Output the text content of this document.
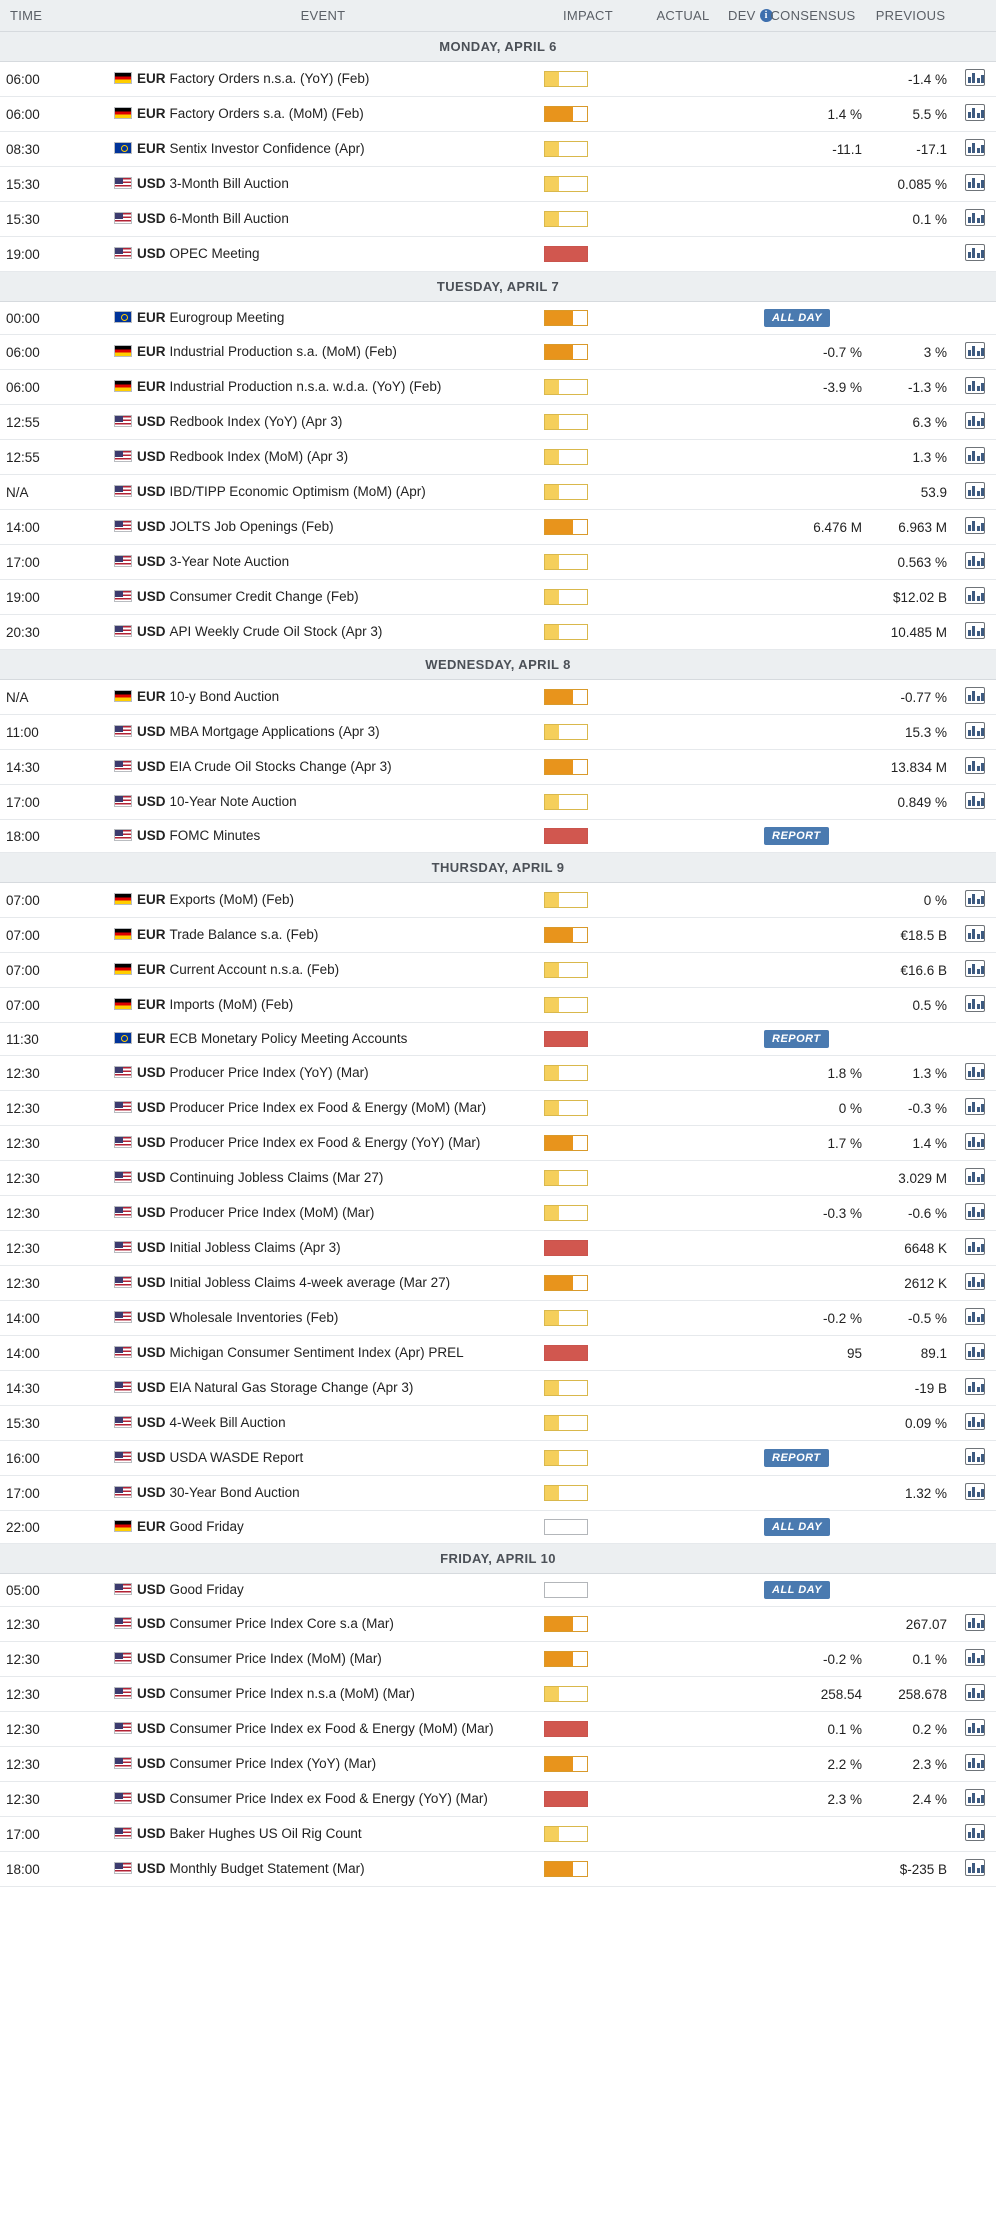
TIME	EVENT	IMPACT	ACTUAL	DEV i	CONSENSUS	PREVIOUS	
MONDAY, APRIL 6							
06:00	EUR Factory Orders n.s.a. (YoY) (Feb)					-1.4 %	

06:00	EUR Factory Orders s.a. (MoM) (Feb)				1.4 %	5.5 %	

08:30	EUR Sentix Investor Confidence (Apr)				-11.1	-17.1	

15:30	USD 3-Month Bill Auction					0.085 %	

15:30	USD 6-Month Bill Auction					0.1 %	

19:00	USD OPEC Meeting	

TUESDAY, APRIL 7							
00:00	EUR Eurogroup Meeting				ALL DAY		
06:00	EUR Industrial Production s.a. (MoM) (Feb)				-0.7 %	3 %	

06:00	EUR Industrial Production n.s.a. w.d.a. (YoY) (Feb)				-3.9 %	-1.3 %	

12:55	USD Redbook Index (YoY) (Apr 3)					6.3 %	

12:55	USD Redbook Index (MoM) (Apr 3)					1.3 %	

N/A	USD IBD/TIPP Economic Optimism (MoM) (Apr)					53.9	

14:00	USD JOLTS Job Openings (Feb)				6.476 M	6.963 M	

17:00	USD 3-Year Note Auction					0.563 %	

19:00	USD Consumer Credit Change (Feb)					$12.02 B	

20:30	USD API Weekly Crude Oil Stock (Apr 3)					10.485 M	

WEDNESDAY, APRIL 8							
N/A	EUR 10-y Bond Auction					-0.77 %	

11:00	USD MBA Mortgage Applications (Apr 3)					15.3 %	

14:30	USD EIA Crude Oil Stocks Change (Apr 3)					13.834 M	

17:00	USD 10-Year Note Auction					0.849 %	

18:00	USD FOMC Minutes				REPORT		
THURSDAY, APRIL 9							
07:00	EUR Exports (MoM) (Feb)					0 %	

07:00	EUR Trade Balance s.a. (Feb)					€18.5 B	

07:00	EUR Current Account n.s.a. (Feb)					€16.6 B	

07:00	EUR Imports (MoM) (Feb)					0.5 %	

11:30	EUR ECB Monetary Policy Meeting Accounts				REPORT		
12:30	USD Producer Price Index (YoY) (Mar)				1.8 %	1.3 %	

12:30	USD Producer Price Index ex Food & Energy (MoM) (Mar)				0 %	-0.3 %	

12:30	USD Producer Price Index ex Food & Energy (YoY) (Mar)				1.7 %	1.4 %	

12:30	USD Continuing Jobless Claims (Mar 27)					3.029 M	

12:30	USD Producer Price Index (MoM) (Mar)				-0.3 %	-0.6 %	

12:30	USD Initial Jobless Claims (Apr 3)					6648 K	

12:30	USD Initial Jobless Claims 4-week average (Mar 27)					2612 K	

14:00	USD Wholesale Inventories (Feb)				-0.2 %	-0.5 %	

14:00	USD Michigan Consumer Sentiment Index (Apr) PREL				95	89.1	

14:30	USD EIA Natural Gas Storage Change (Apr 3)					-19 B	

15:30	USD 4-Week Bill Auction					0.09 %	

16:00	USD USDA WASDE Report				REPORT		

17:00	USD 30-Year Bond Auction					1.32 %	

22:00	EUR Good Friday				ALL DAY		
FRIDAY, APRIL 10							
05:00	USD Good Friday				ALL DAY		
12:30	USD Consumer Price Index Core s.a (Mar)					267.07	

12:30	USD Consumer Price Index (MoM) (Mar)				-0.2 %	0.1 %	

12:30	USD Consumer Price Index n.s.a (MoM) (Mar)				258.54	258.678	

12:30	USD Consumer Price Index ex Food & Energy (MoM) (Mar)				0.1 %	0.2 %	

12:30	USD Consumer Price Index (YoY) (Mar)				2.2 %	2.3 %	

12:30	USD Consumer Price Index ex Food & Energy (YoY) (Mar)				2.3 %	2.4 %	

17:00	USD Baker Hughes US Oil Rig Count	

18:00	USD Monthly Budget Statement (Mar)					$-235 B	
